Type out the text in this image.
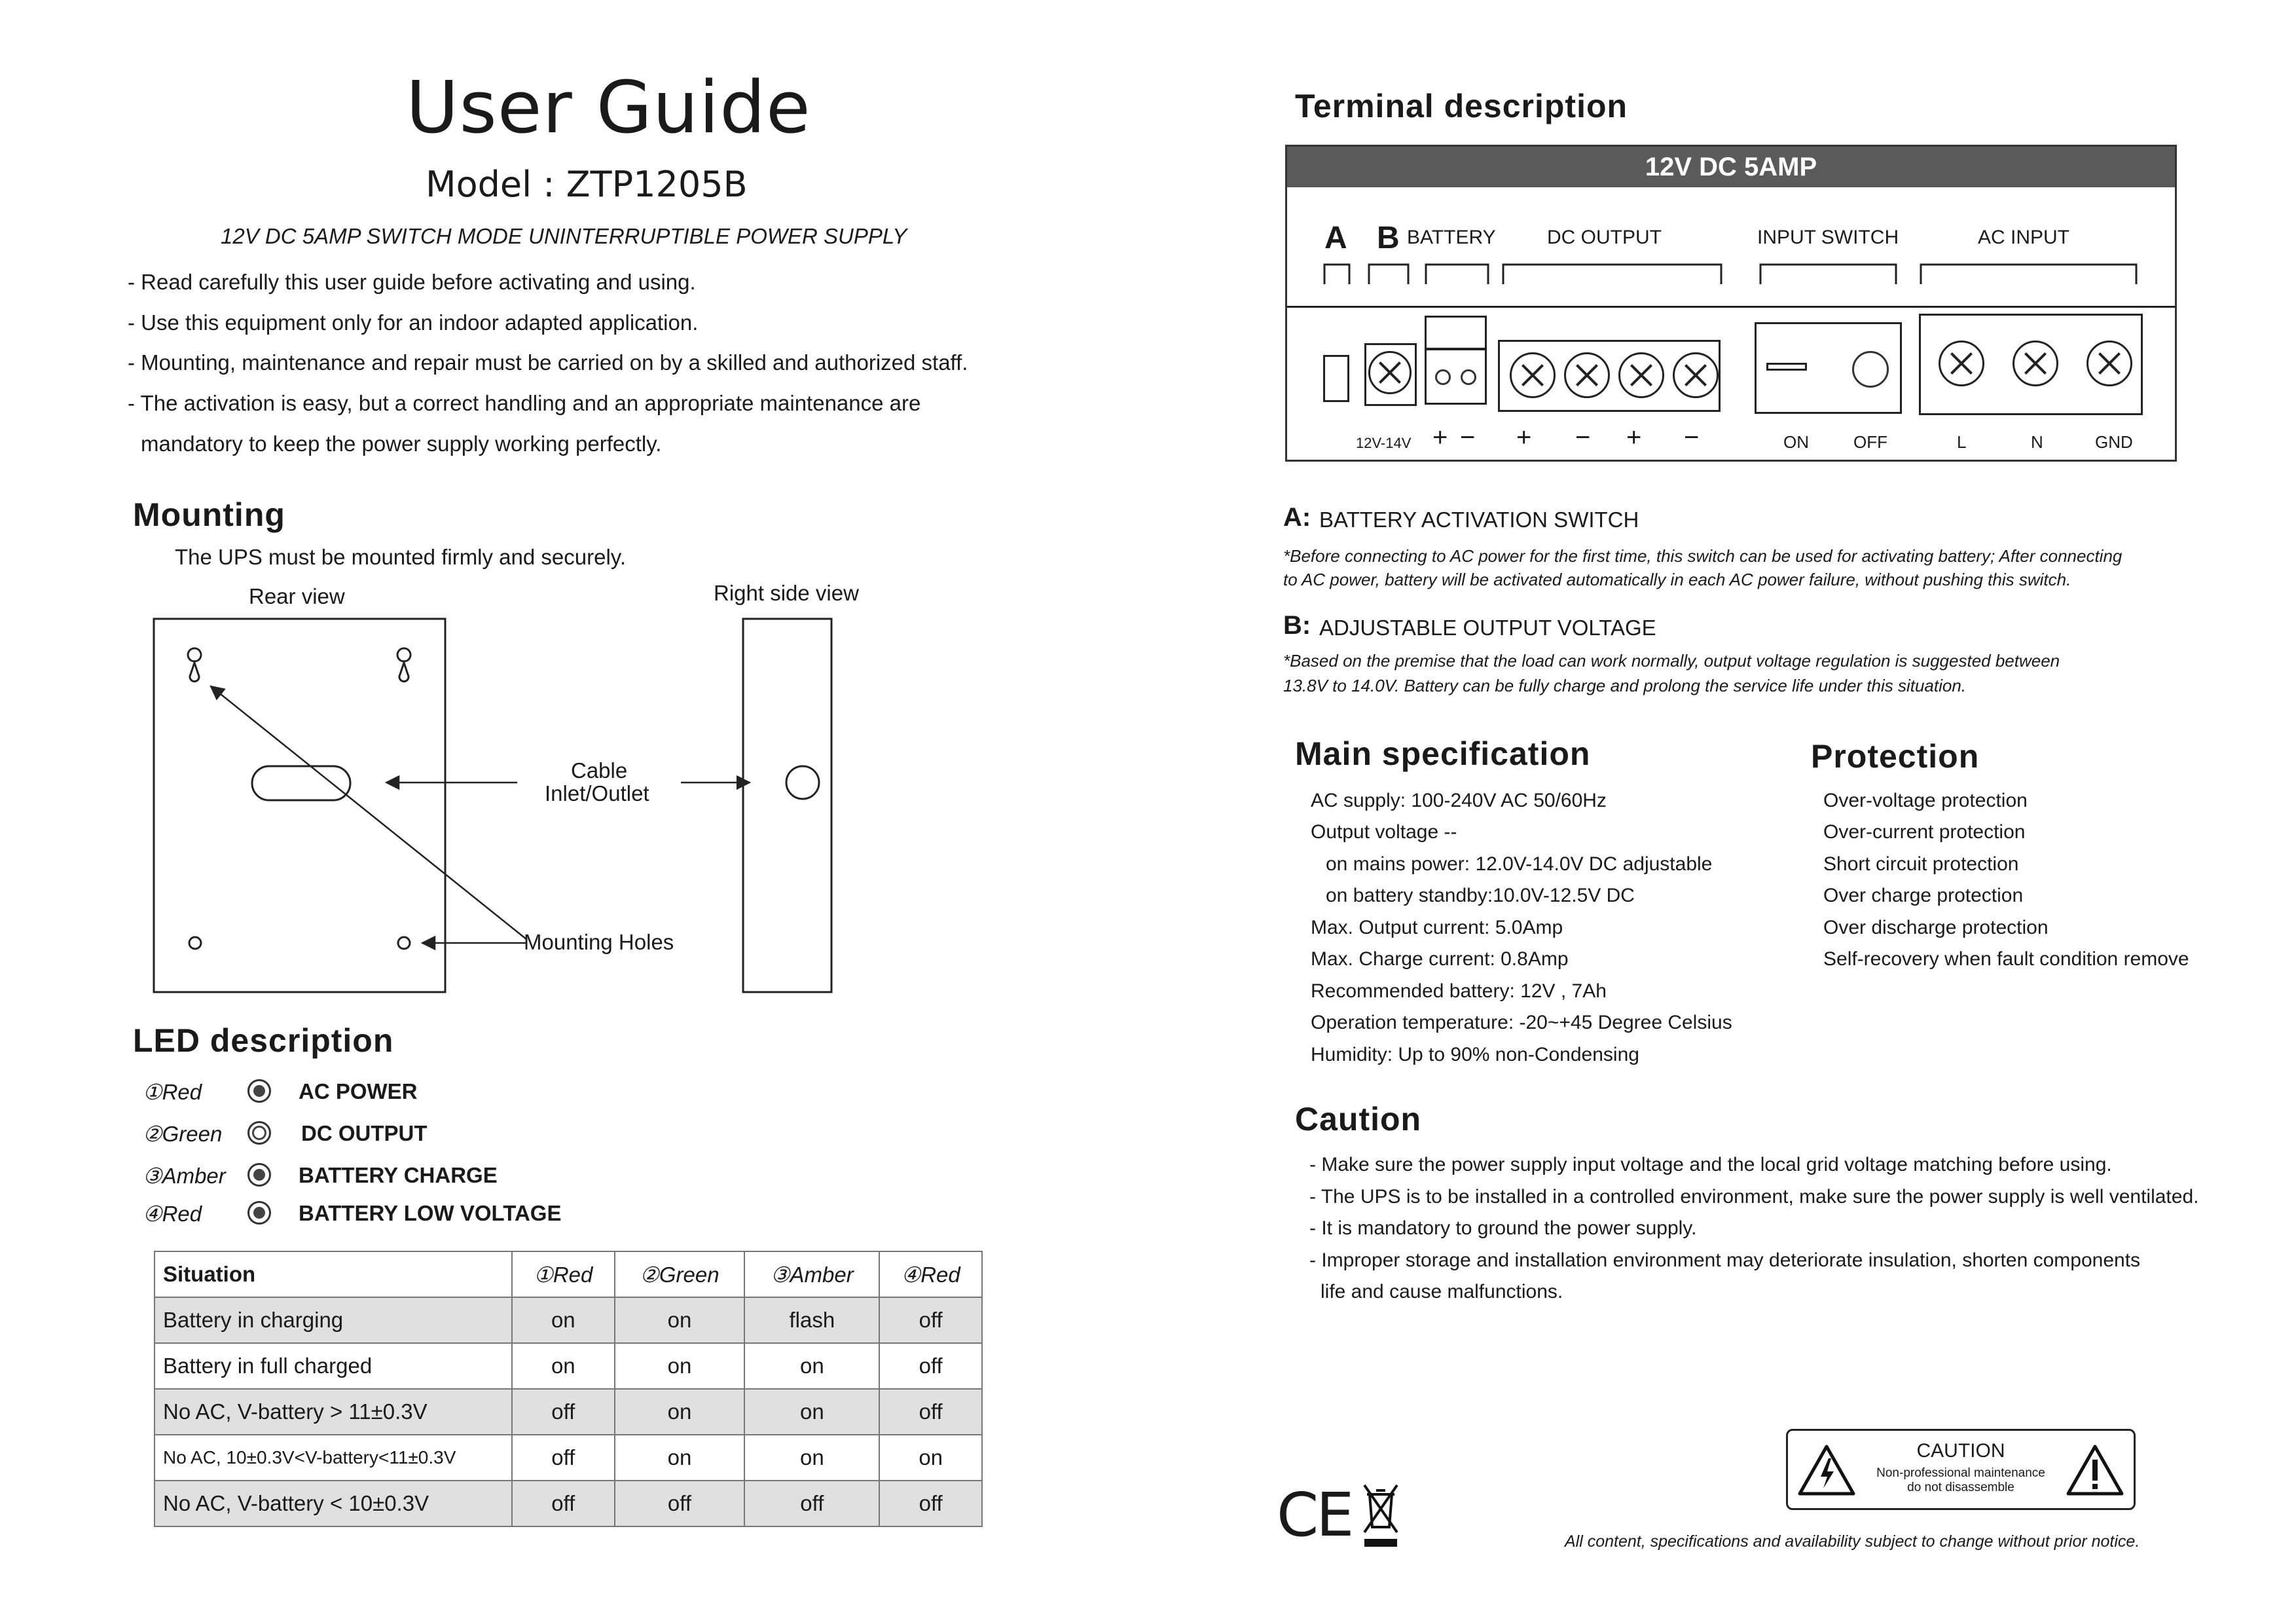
User Guide
Model : ZTP1205B
12V DC 5AMP SWITCH MODE UNINTERRUPTIBLE POWER SUPPLY
- Read carefully this user guide before activating and using.
- Use this equipment only for an indoor adapted application.
- Mounting, maintenance and repair must be carried on by a skilled and authorized staff.
- The activation is easy, but a correct handling and an appropriate maintenance are
mandatory to keep the power supply working perfectly.
Mounting
The UPS must be mounted firmly and securely.
Rear view	Right side view
Cable
Inlet/Outlet
Mounting Holes
LED description
①Red	AC POWER
②Green	DC OUTPUT
③Amber	BATTERY CHARGE
④Red	BATTERY LOW VOLTAGE
Situation	①Red	②Green	③Amber	④Red
Battery in charging	on	on	flash	off
Battery in full charged	on	on	on	off
No AC, V-battery > 11±0.3V	off	on	on	off
No AC, 10±0.3V<V-battery<11±0.3V	off	on	on	on
No AC, V-battery < 10±0.3V	off	off	off	off
Terminal description
12V DC 5AMP
A B BATTERY	DC OUTPUT	INPUT SWITCH	AC INPUT
12V-14V + − + − + −	ON	OFF	L	N	GND
A: BATTERY ACTIVATION SWITCH
*Before connecting to AC power for the first time, this switch can be used for activating battery; After connecting
to AC power, battery will be activated automatically in each AC power failure, without pushing this switch.
B: ADJUSTABLE OUTPUT VOLTAGE
*Based on the premise that the load can work normally, output voltage regulation is suggested between
13.8V to 14.0V. Battery can be fully charge and prolong the service life under this situation.
Main specification
AC supply: 100-240V AC 50/60Hz
Output voltage --
on mains power: 12.0V-14.0V DC adjustable
on battery standby:10.0V-12.5V DC
Max. Output current: 5.0Amp
Max. Charge current: 0.8Amp
Recommended battery: 12V , 7Ah
Operation temperature: -20~+45 Degree Celsius
Humidity: Up to 90% non-Condensing
Protection
Over-voltage protection
Over-current protection
Short circuit protection
Over charge protection
Over discharge protection
Self-recovery when fault condition remove
Caution
- Make sure the power supply input voltage and the local grid voltage matching before using.
- The UPS is to be installed in a controlled environment, make sure the power supply is well ventilated.
- It is mandatory to ground the power supply.
- Improper storage and installation environment may deteriorate insulation, shorten components
life and cause malfunctions.
CAUTION
Non-professional maintenance
do not disassemble
CE	All content, specifications and availability subject to change without prior notice.
